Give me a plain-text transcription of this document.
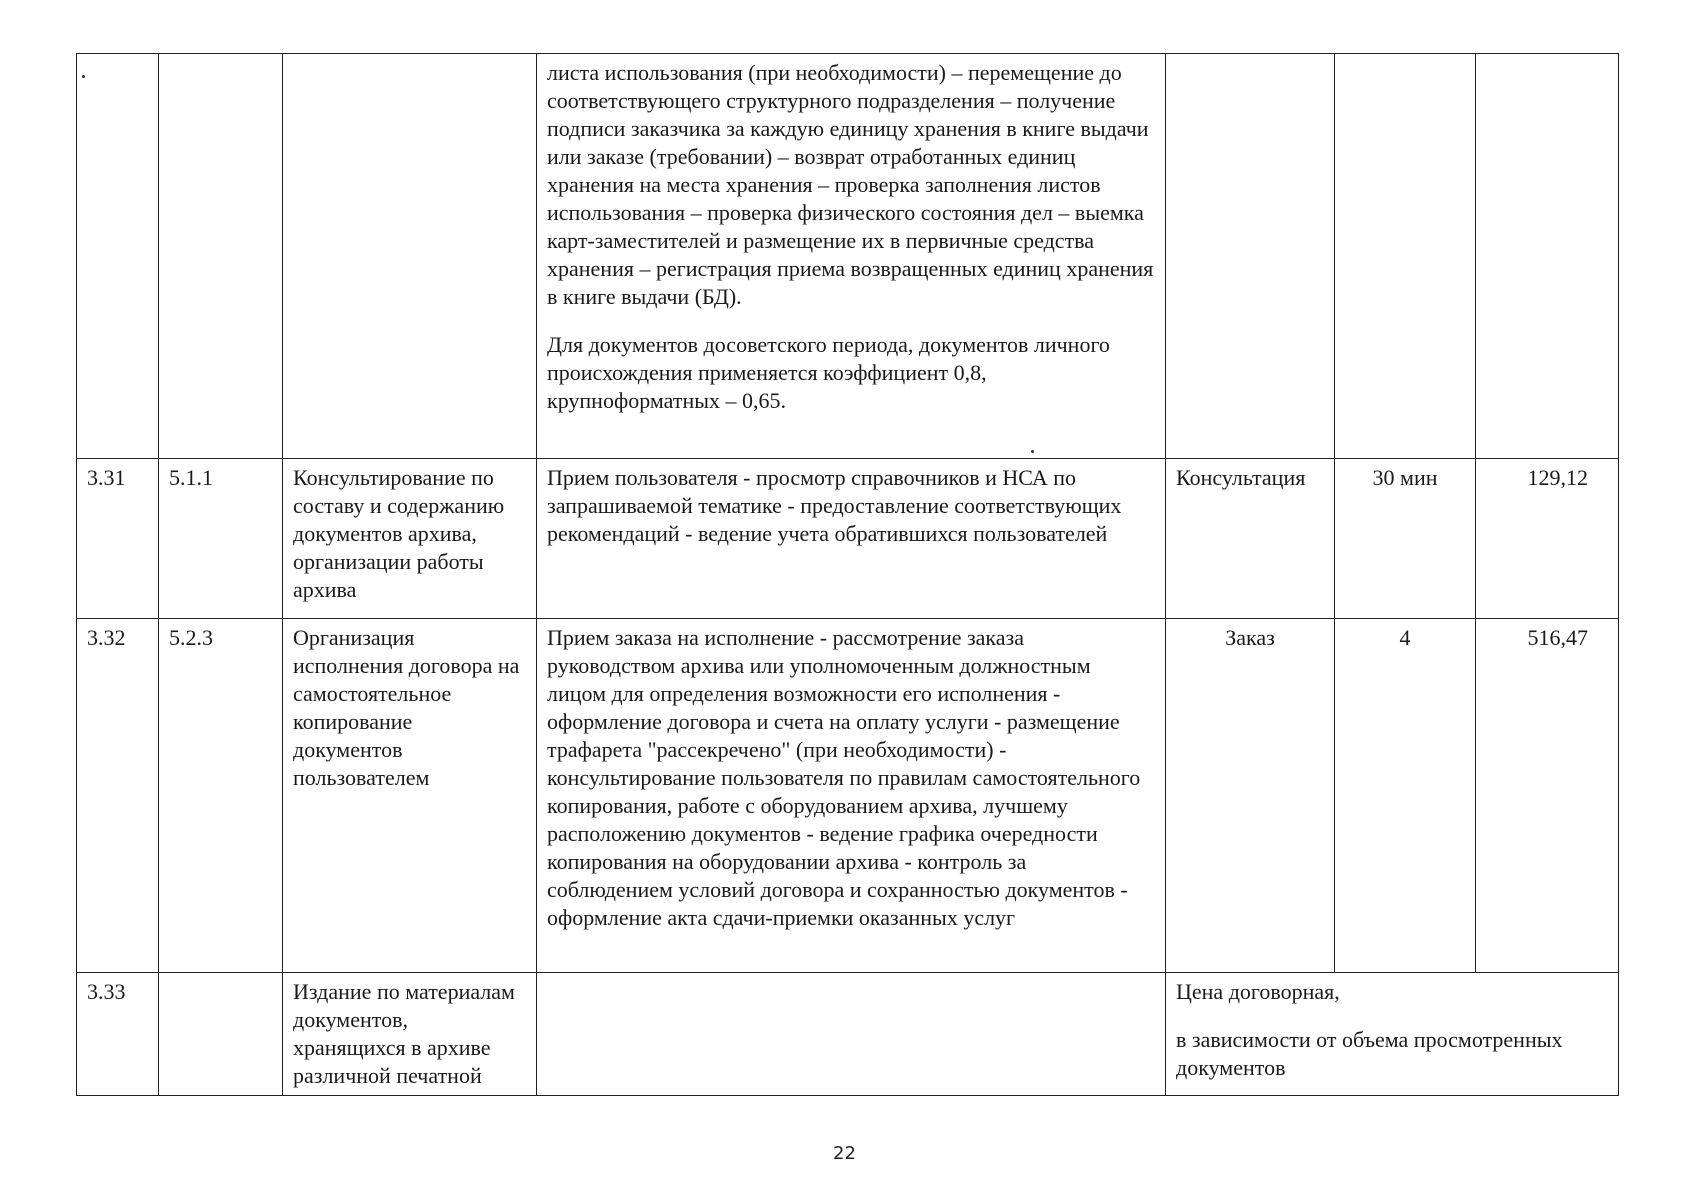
			листа использования (при необходимости) – перемещение до соответствующего структурного подразделения – получение подписи заказчика за каждую единицу хранения в книге выдачи или заказе (требовании) – возврат отработанных единиц хранения на места хранения – проверка заполнения листов использования – проверка физического состояния дел – выемка карт-заместителей и размещение их в первичные средства хранения – регистрация приема возвращенных единиц хранения в книге выдачи (БД).
Для документов досоветского периода, документов личного происхождения применяется коэффициент 0,8, крупноформатных – 0,65.			

3.31	5.1.1	Консультирование по составу и содержанию документов архива, организации работы архива	Прием пользователя - просмотр справочников и НСА по запрашиваемой тематике - предоставление соответствующих рекомендаций - ведение учета обратившихся пользователей	Консультация	30 мин	129,12
3.32	5.2.3	Организация исполнения договора на самостоятельное копирование документов пользователем	Прием заказа на исполнение - рассмотрение заказа руководством архива или уполномоченным должностным лицом для определения возможности его исполнения - оформление договора и счета на оплату услуги - размещение трафарета "рассекречено" (при необходимости) - консультирование пользователя по правилам самостоятельного копирования, работе с оборудованием архива, лучшему расположению документов - ведение графика очередности копирования на оборудовании архива - контроль за соблюдением условий договора и сохранностью документов - оформление акта сдачи-приемки оказанных услуг	Заказ	4	516,47
3.33		Издание по материалам документов, хранящихся в архиве различной печатной		Цена договорная,
в зависимости от объема просмотренных документов		
22
